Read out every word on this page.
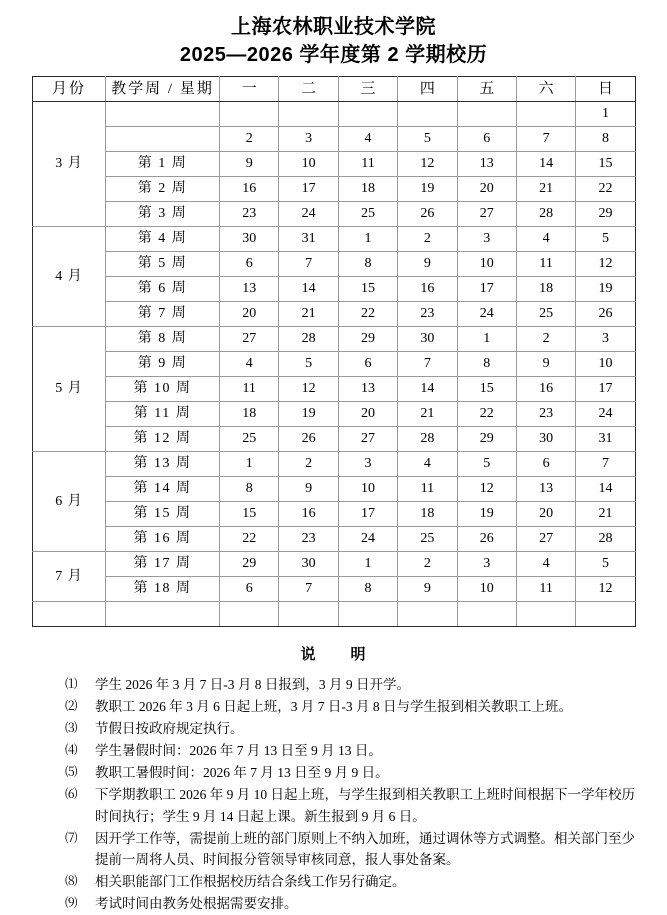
上海农林职业技术学院
2025—2026 学年度第 2 学期校历
月份	教学周 / 星期	一	二	三	四	五	六	日
3 月								1
		2	3	4	5	6	7	8
	第 1 周	9	10	11	12	13	14	15
	第 2 周	16	17	18	19	20	21	22
	第 3 周	23	24	25	26	27	28	29
4 月	第 4 周	30	31	1	2	3	4	5
	第 5 周	6	7	8	9	10	11	12
	第 6 周	13	14	15	16	17	18	19
	第 7 周	20	21	22	23	24	25	26
5 月	第 8 周	27	28	29	30	1	2	3
	第 9 周	4	5	6	7	8	9	10
	第 10 周	11	12	13	14	15	16	17
	第 11 周	18	19	20	21	22	23	24
	第 12 周	25	26	27	28	29	30	31
6 月	第 13 周	1	2	3	4	5	6	7
	第 14 周	8	9	10	11	12	13	14
	第 15 周	15	16	17	18	19	20	21
	第 16 周	22	23	24	25	26	27	28
7 月	第 17 周	29	30	1	2	3	4	5
	第 18 周	6	7	8	9	10	11	12

说 明
⑴	学生 2026 年 3 月 7 日-3 月 8 日报到，3 月 9 日开学。
⑵	教职工 2026 年 3 月 6 日起上班，3 月 7 日-3 月 8 日与学生报到相关教职工上班。
⑶	节假日按政府规定执行。
⑷	学生暑假时间：2026 年 7 月 13 日至 9 月 13 日。
⑸	教职工暑假时间：2026 年 7 月 13 日至 9 月 9 日。
⑹	下学期教职工 2026 年 9 月 10 日起上班，与学生报到相关教职工上班时间根据下一学年校历时间执行；学生 9 月 14 日起上课。新生报到 9 月 6 日。
⑺	因开学工作等，需提前上班的部门原则上不纳入加班，通过调休等方式调整。相关部门至少提前一周将人员、时间报分管领导审核同意，报人事处备案。
⑻	相关职能部门工作根据校历结合条线工作另行确定。
⑼	考试时间由教务处根据需要安排。
